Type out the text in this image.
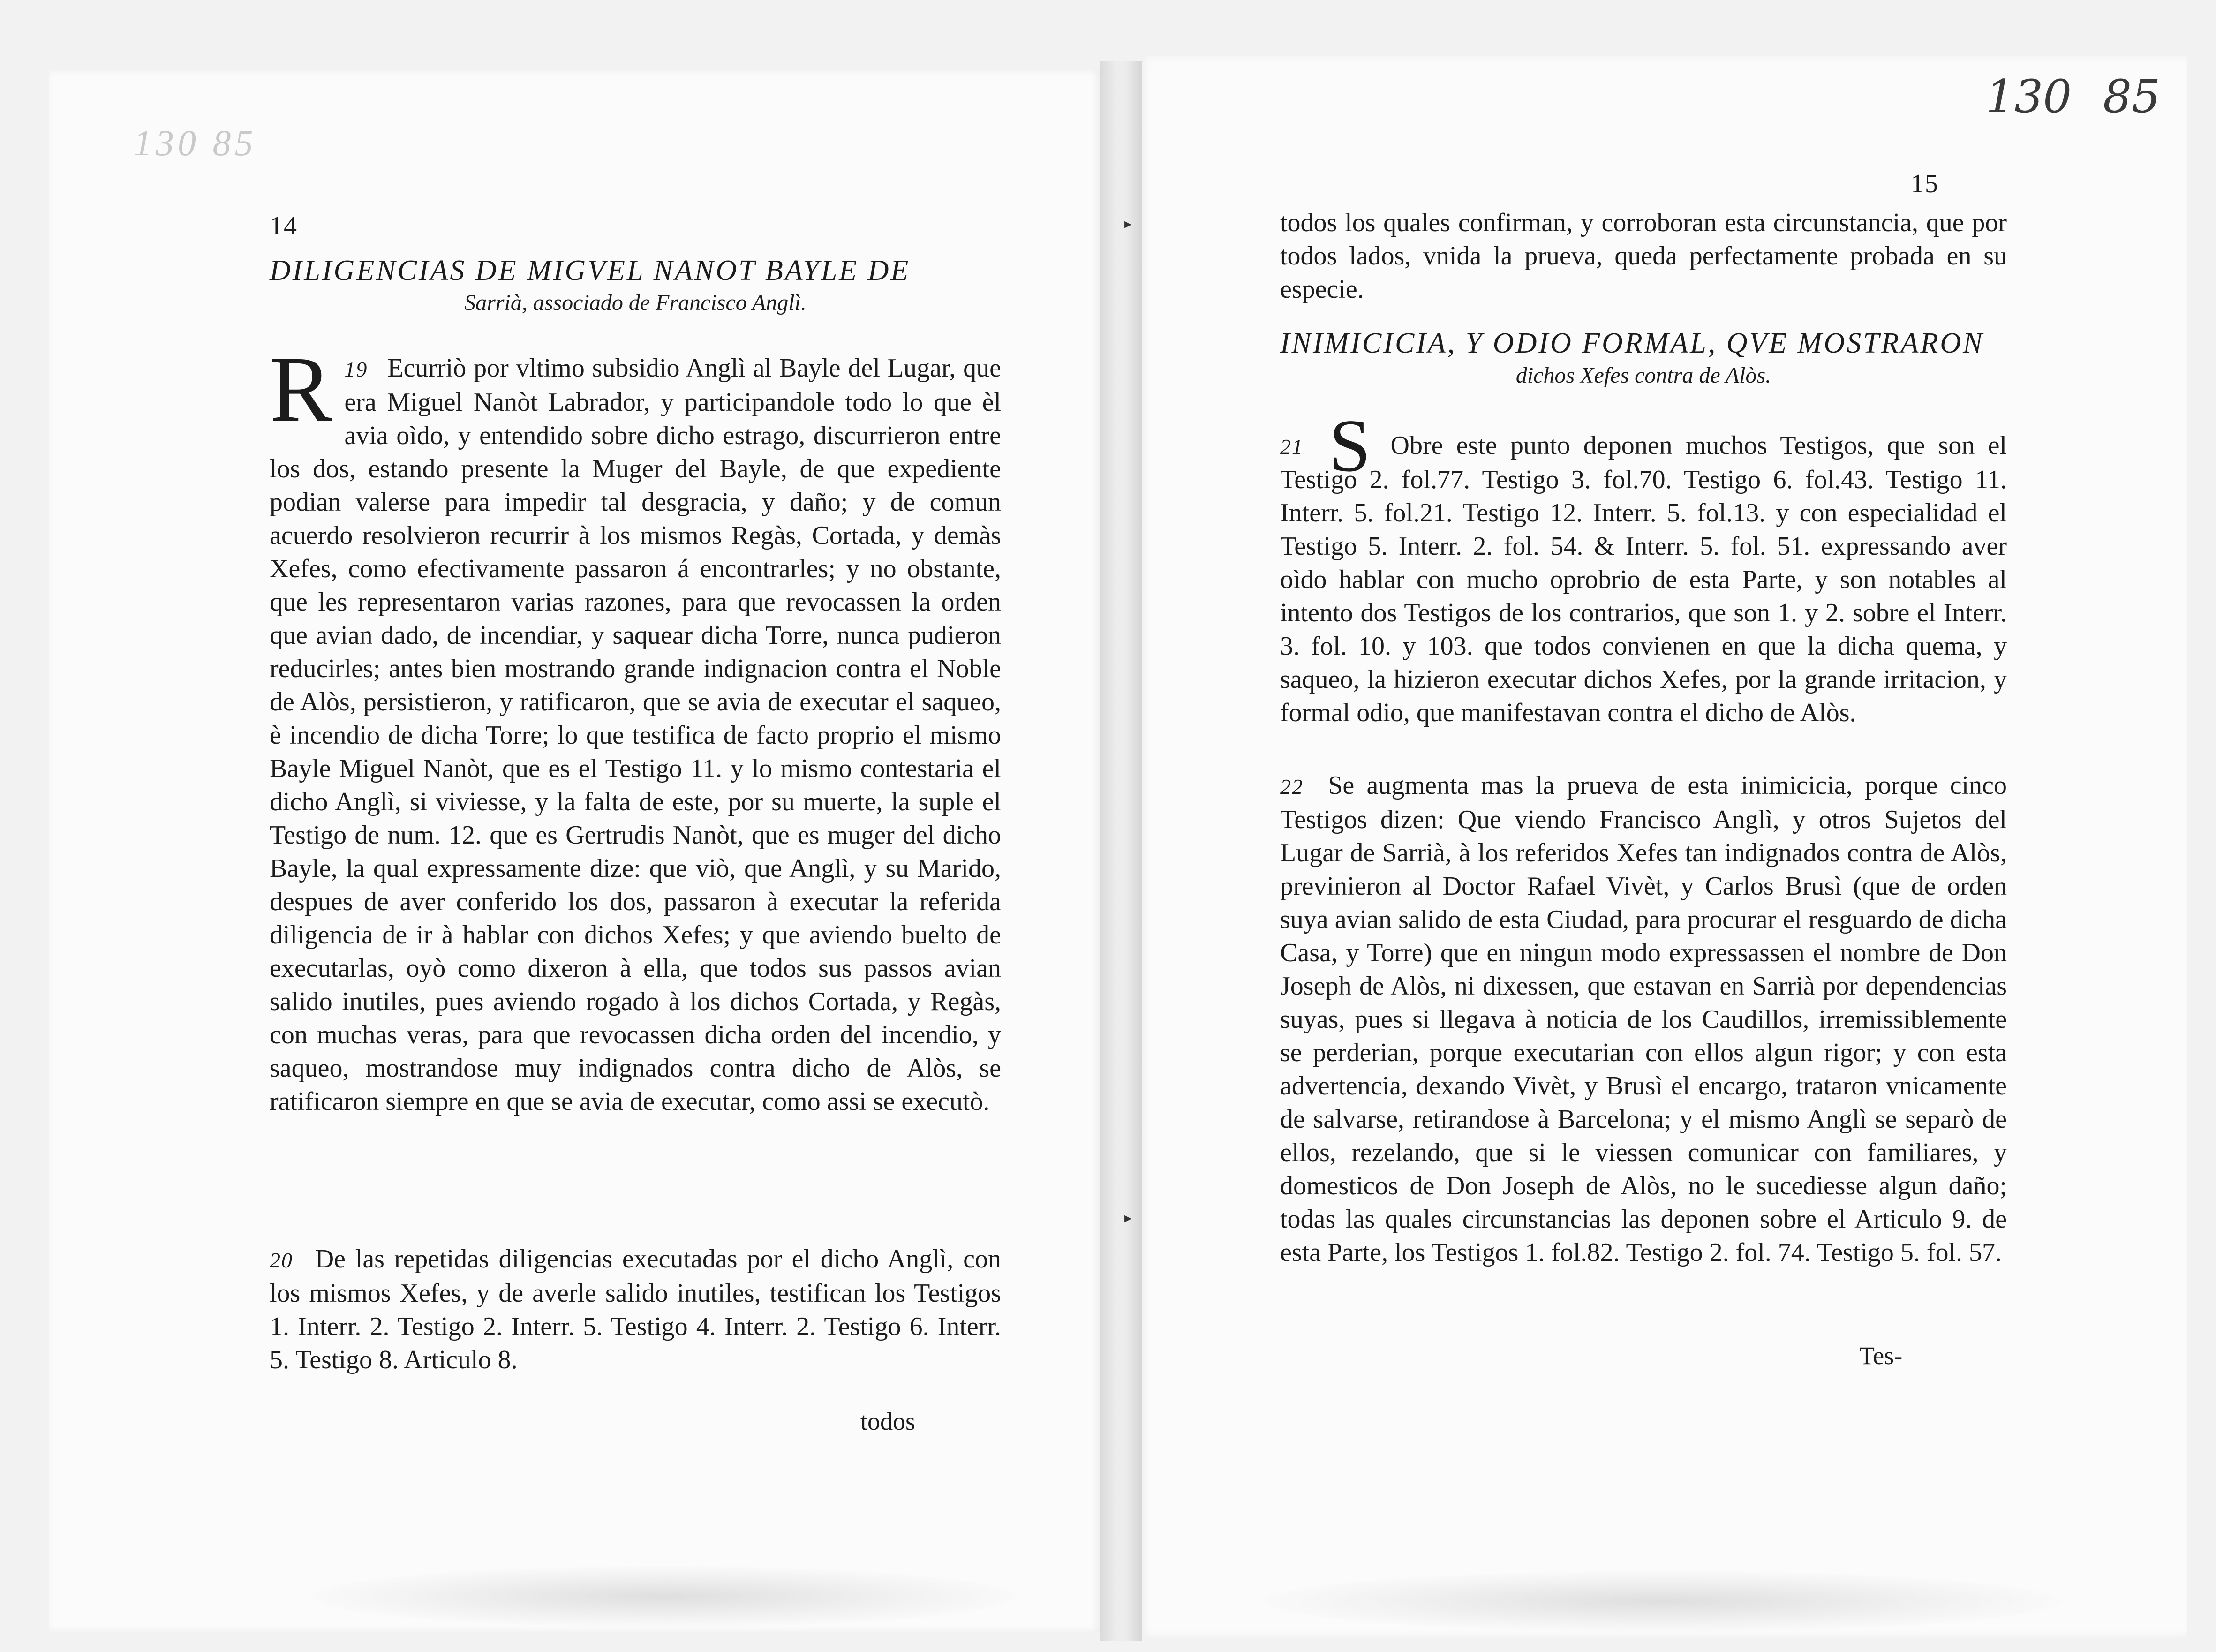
▸
▸
130 85
14
DILIGENCIAS DE MIGVEL NANOT BAYLE DE
Sarrià, associado de Francisco Anglì.
R 19 Ecurriò por vltimo subsidio Anglì al Bayle del Lugar, que era Miguel Nanòt Labrador, y participandole todo lo que èl avia oìdo, y entendido sobre dicho estrago, discurrieron entre los dos, estando presente la Muger del Bayle, de que expediente podian valerse para impedir tal desgracia, y daño; y de comun acuerdo resolvieron recurrir à los mismos Regàs, Cortada, y demàs Xefes, como efectivamente passaron á encontrarles; y no obstante, que les representaron varias razones, para que revocassen la orden que avian dado, de incendiar, y saquear dicha Torre, nunca pudieron reducirles; antes bien mostrando grande indignacion contra el Noble de Alòs, persistieron, y ratificaron, que se avia de executar el saqueo, è incendio de dicha Torre; lo que testifica de facto proprio el mismo Bayle Miguel Nanòt, que es el Testigo 11. y lo mismo contestaria el dicho Anglì, si viviesse, y la falta de este, por su muerte, la suple el Testigo de num. 12. que es Gertrudis Nanòt, que es muger del dicho Bayle, la qual expressamente dize: que viò, que Anglì, y su Marido, despues de aver conferido los dos, passaron à executar la referida diligencia de ir à hablar con dichos Xefes; y que aviendo buelto de executarlas, oyò como dixeron à ella, que todos sus passos avian salido inutiles, pues aviendo rogado à los dichos Cortada, y Regàs, con muchas veras, para que revocassen dicha orden del incendio, y saqueo, mostrandose muy indignados contra dicho de Alòs, se ratificaron siempre en que se avia de executar, como assi se executò.
20 De las repetidas diligencias executadas por el dicho Anglì, con los mismos Xefes, y de averle salido inutiles, testifican los Testigos 1. Interr. 2. Testigo 2. Interr. 5. Testigo 4. Interr. 2. Testigo 6. Interr. 5. Testigo 8. Articulo 8.
todos
130 85
15
todos los quales confirman, y corroboran esta circunstancia, que por todos lados, vnida la prueva, queda perfectamente probada en su especie.
INIMICICIA, Y ODIO FORMAL, QVE MOSTRARON
dichos Xefes contra de Alòs.
21 S Obre este punto deponen muchos Testigos, que son el Testigo 2. fol.77. Testigo 3. fol.70. Testigo 6. fol.43. Testigo 11. Interr. 5. fol.21. Testigo 12. Interr. 5. fol.13. y con especialidad el Testigo 5. Interr. 2. fol. 54. & Interr. 5. fol. 51. expressando aver oìdo hablar con mucho oprobrio de esta Parte, y son notables al intento dos Testigos de los contrarios, que son 1. y 2. sobre el Interr. 3. fol. 10. y 103. que todos convienen en que la dicha quema, y saqueo, la hizieron executar dichos Xefes, por la grande irritacion, y formal odio, que manifestavan contra el dicho de Alòs.
22 Se augmenta mas la prueva de esta inimicicia, porque cinco Testigos dizen: Que viendo Francisco Anglì, y otros Sujetos del Lugar de Sarrià, à los referidos Xefes tan indignados contra de Alòs, previnieron al Doctor Rafael Vivèt, y Carlos Brusì (que de orden suya avian salido de esta Ciudad, para procurar el resguardo de dicha Casa, y Torre) que en ningun modo expressassen el nombre de Don Joseph de Alòs, ni dixessen, que estavan en Sarrià por dependencias suyas, pues si llegava à noticia de los Caudillos, irremissiblemente se perderian, porque executarian con ellos algun rigor; y con esta advertencia, dexando Vivèt, y Brusì el encargo, trataron vnicamente de salvarse, retirandose à Barcelona; y el mismo Anglì se separò de ellos, rezelando, que si le viessen comunicar con familiares, y domesticos de Don Joseph de Alòs, no le sucediesse algun daño; todas las quales circunstancias las deponen sobre el Articulo 9. de esta Parte, los Testigos 1. fol.82. Testigo 2. fol. 74. Testigo 5. fol. 57.
Tes-
